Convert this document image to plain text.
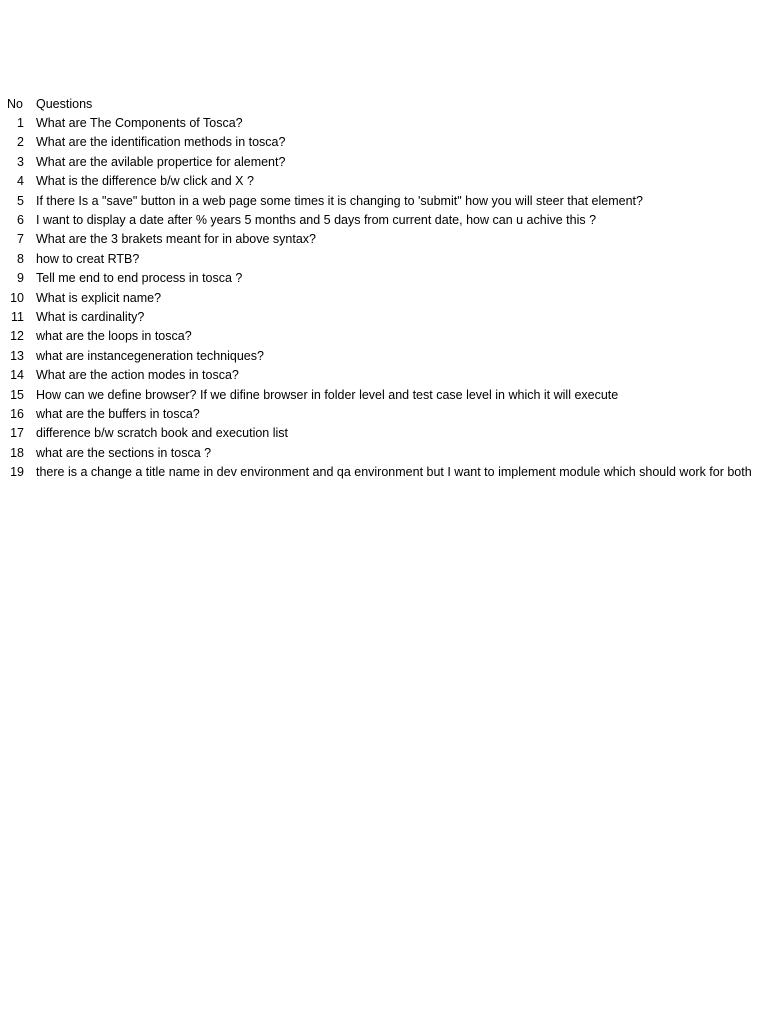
No	Questions
1 What are The Components of Tosca?
2 What are the identification methods in tosca?
3 What are the avilable propertice for alement?
4 What is the difference b/w click and X ?
5 If there Is a "save" button in a web page some times it is changing to 'submit" how you will steer that element?
6 I want to display a date after % years 5 months and 5 days from current date, how can u achive this ?
7 What are the 3 brakets meant for in above syntax?
8 how to creat RTB?
9 Tell me end to end process in tosca ?
10 What is explicit name?
11 What is cardinality?
12 what are the loops in tosca?
13 what are instancegeneration techniques?
14 What are the action modes in tosca?
15 How can we define browser? If we difine browser in folder level and test case level in which it will execute
16 what are the buffers in tosca?
17 difference b/w scratch book and execution list
18 what are the sections in tosca ?
19 there is a change a title name in dev environment and qa environment but I want to implement module which should work for both
